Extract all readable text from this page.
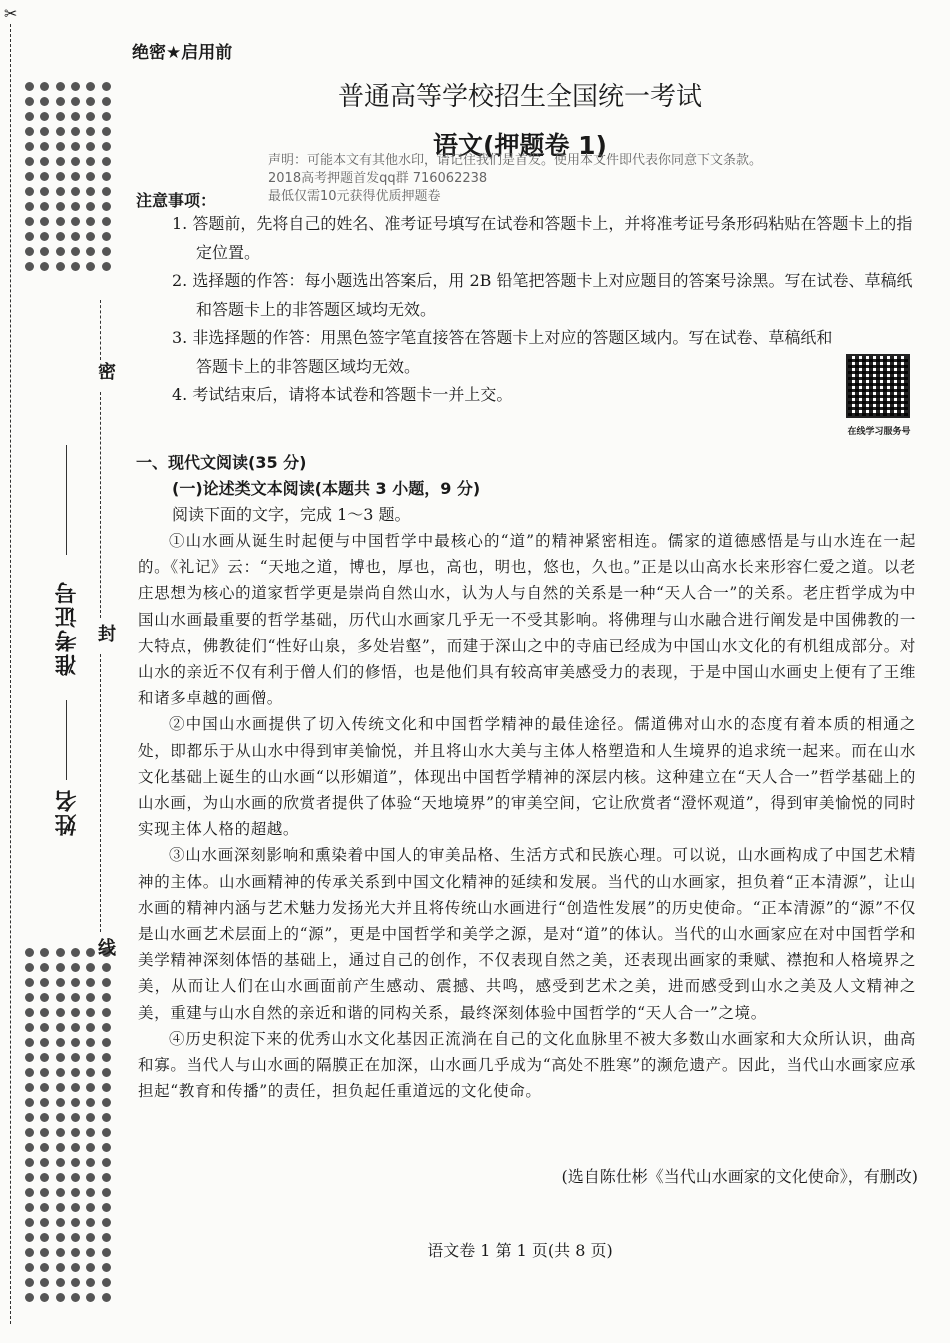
✂
密
封
线
准考证号
姓名
绝密★启用前
普通高等学校招生全国统一考试
语文(押题卷 1)
声明：可能本文有其他水印，请记住我们是首发。使用本文件即代表你同意下文条款。
2018高考押题首发qq群 716062238
最低仅需10元获得优质押题卷
注意事项：

1. 答题前，先将自己的姓名、准考证号填写在试卷和答题卡上，并将准考证号条形码粘贴在答题卡上的指定位置。

2. 选择题的作答：每小题选出答案后，用 2B 铅笔把答题卡上对应题目的答案号涂黑。写在试卷、草稿纸和答题卡上的非答题区域均无效。

3. 非选择题的作答：用黑色签字笔直接答在答题卡上对应的答题区域内。写在试卷、草稿纸和答题卡上的非答题区域均无效。

4. 考试结束后，请将本试卷和答题卡一并上交。

在线学习服务号
一、现代文阅读(35 分)
(一)论述类文本阅读(本题共 3 小题，9 分)
阅读下面的文字，完成 1～3 题。

①山水画从诞生时起便与中国哲学中最核心的“道”的精神紧密相连。儒家的道德感悟是与山水连在一起的。《礼记》云：“天地之道，博也，厚也，高也，明也，悠也，久也。”正是以山高水长来形容仁爱之道。以老庄思想为核心的道家哲学更是崇尚自然山水，认为人与自然的关系是一种“天人合一”的关系。老庄哲学成为中国山水画最重要的哲学基础，历代山水画家几乎无一不受其影响。将佛理与山水融合进行阐发是中国佛教的一大特点，佛教徒们“性好山泉，多处岩壑”，而建于深山之中的寺庙已经成为中国山水文化的有机组成部分。对山水的亲近不仅有利于僧人们的修悟，也是他们具有较高审美感受力的表现，于是中国山水画史上便有了王维和诸多卓越的画僧。

②中国山水画提供了切入传统文化和中国哲学精神的最佳途径。儒道佛对山水的态度有着本质的相通之处，即都乐于从山水中得到审美愉悦，并且将山水大美与主体人格塑造和人生境界的追求统一起来。而在山水文化基础上诞生的山水画“以形媚道”，体现出中国哲学精神的深层内核。这种建立在“天人合一”哲学基础上的山水画，为山水画的欣赏者提供了体验“天地境界”的审美空间，它让欣赏者“澄怀观道”，得到审美愉悦的同时实现主体人格的超越。

③山水画深刻影响和熏染着中国人的审美品格、生活方式和民族心理。可以说，山水画构成了中国艺术精神的主体。山水画精神的传承关系到中国文化精神的延续和发展。当代的山水画家，担负着“正本清源”，让山水画的精神内涵与艺术魅力发扬光大并且将传统山水画进行“创造性发展”的历史使命。“正本清源”的“源”不仅是山水画艺术层面上的“源”，更是中国哲学和美学之源，是对“道”的体认。当代的山水画家应在对中国哲学和美学精神深刻体悟的基础上，通过自己的创作，不仅表现自然之美，还表现出画家的秉赋、襟抱和人格境界之美，从而让人们在山水画面前产生感动、震撼、共鸣，感受到艺术之美，进而感受到山水之美及人文精神之美，重建与山水自然的亲近和谐的同构关系，最终深刻体验中国哲学的“天人合一”之境。

④历史积淀下来的优秀山水文化基因正流淌在自己的文化血脉里不被大多数山水画家和大众所认识，曲高和寡。当代人与山水画的隔膜正在加深，山水画几乎成为“高处不胜寒”的濒危遗产。因此，当代山水画家应承担起“教育和传播”的责任，担负起任重道远的文化使命。

(选自陈仕彬《当代山水画家的文化使命》，有删改)
语文卷 1 第 1 页(共 8 页)
